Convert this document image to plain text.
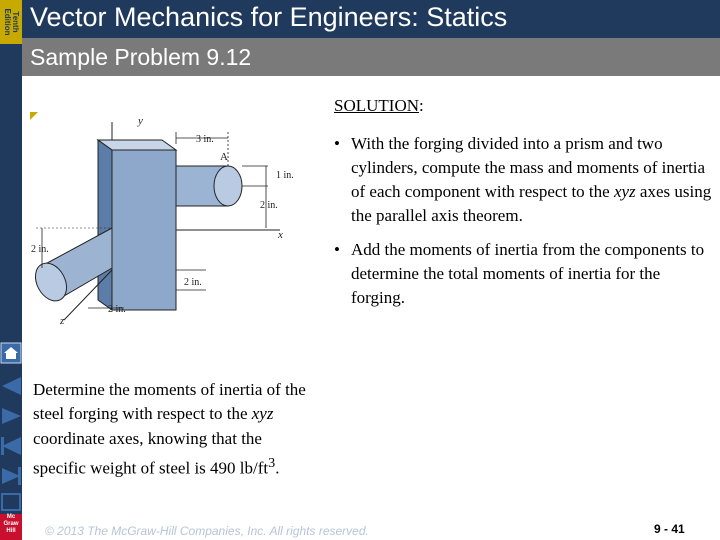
Tenth Edition Vector Mechanics for Engineers: Statics
Sample Problem 9.12
y
x
z
A
3 in.
1 in.
2 in.
2 in.
2 in.
2 in.
SOLUTION:
• With the forging divided into a prism and two cylinders, compute the mass and moments of inertia of each component with respect to the xyz axes using the parallel axis theorem.
• Add the moments of inertia from the components to determine the total moments of inertia for the forging.
Determine the moments of inertia of the steel forging with respect to the xyz coordinate axes, knowing that the specific weight of steel is 490 $lb/ft^3$.
© 2013 The McGraw-Hill Companies, Inc. All rights reserved.	9 - 41
Mc
Graw
Hill
